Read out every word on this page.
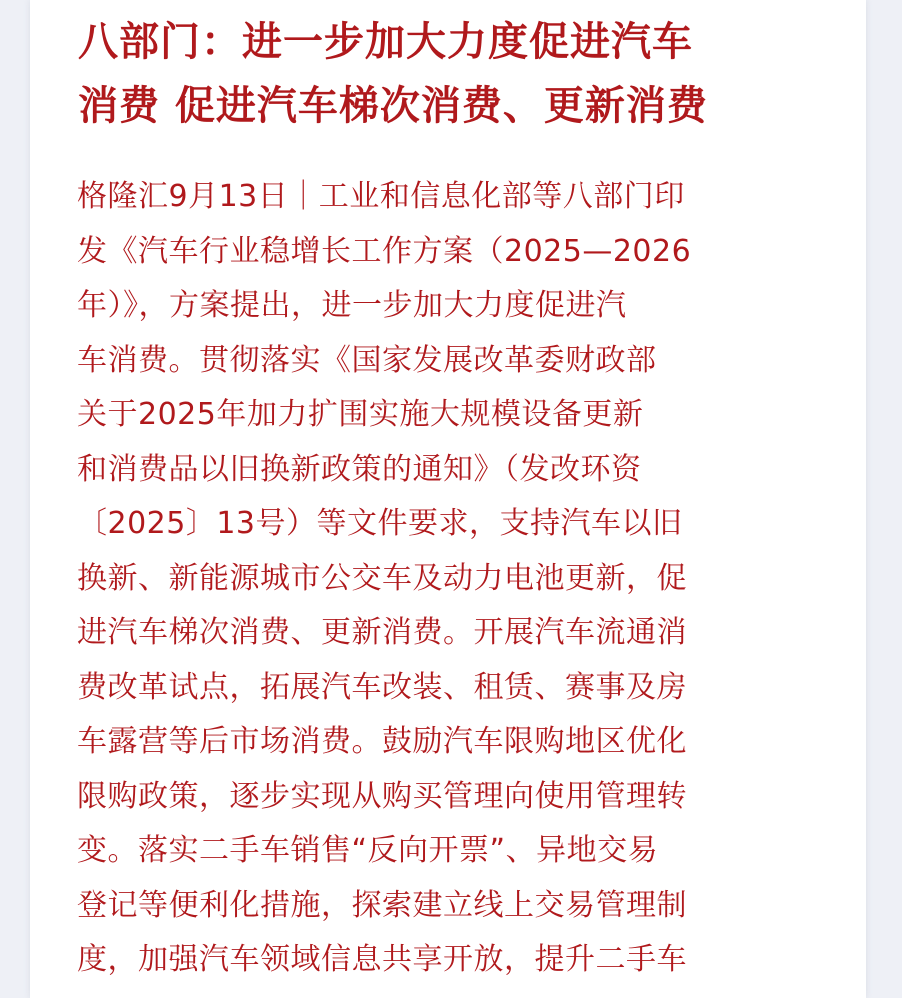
八部门：进一步加大力度促进汽车
消费 促进汽车梯次消费、更新消费
格隆汇9月13日｜工业和信息化部等八部门印
发《汽车行业稳增长工作方案（2025—2026
年）》，方案提出，进一步加大力度促进汽
车消费。贯彻落实《国家发展改革委财政部
关于2025年加力扩围实施大规模设备更新
和消费品以旧换新政策的通知》（发改环资
〔2025〕13号）等文件要求，支持汽车以旧
换新、新能源城市公交车及动力电池更新，促
进汽车梯次消费、更新消费。开展汽车流通消
费改革试点，拓展汽车改装、租赁、赛事及房
车露营等后市场消费。鼓励汽车限购地区优化
限购政策，逐步实现从购买管理向使用管理转
变。落实二手车销售“反向开票”、异地交易
登记等便利化措施，探索建立线上交易管理制
度，加强汽车领域信息共享开放，提升二手车
